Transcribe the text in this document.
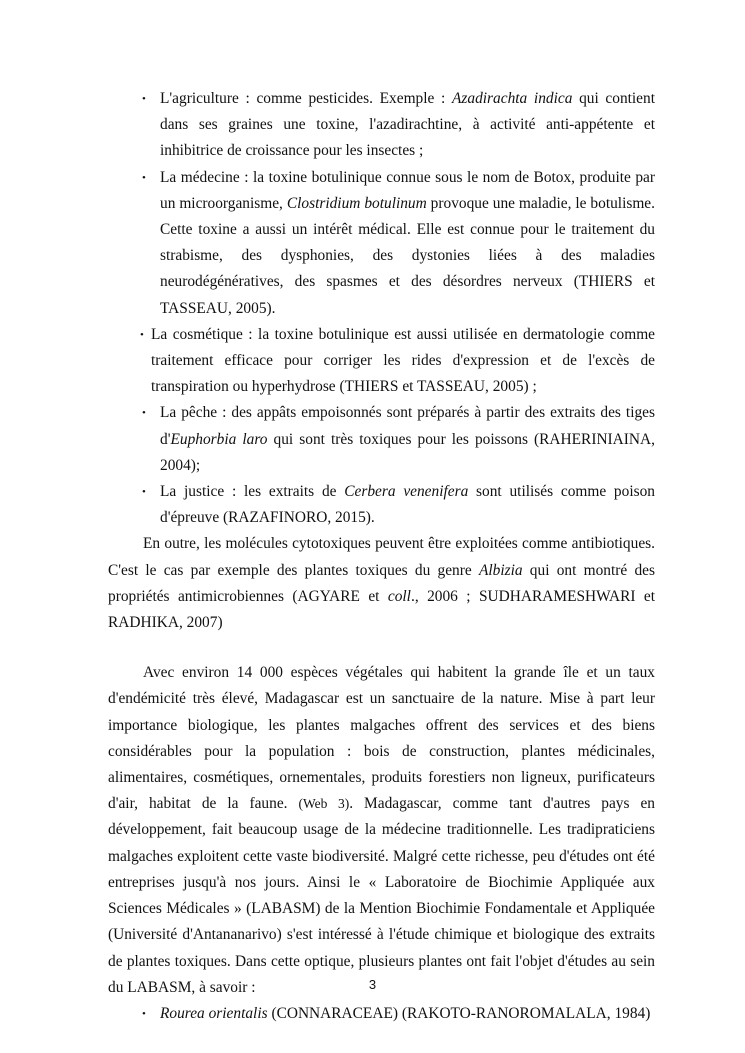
• L'agriculture : comme pesticides. Exemple : Azadirachta indica qui contient dans ses graines une toxine, l'azadirachtine, à activité anti-appétente et inhibitrice de croissance pour les insectes ;
• La médecine : la toxine botulinique connue sous le nom de Botox, produite par un microorganisme, Clostridium botulinum provoque une maladie, le botulisme. Cette toxine a aussi un intérêt médical. Elle est connue pour le traitement du strabisme, des dysphonies, des dystonies liées à des maladies neurodégénératives, des spasmes et des désordres nerveux (THIERS et TASSEAU, 2005).
• La cosmétique : la toxine botulinique est aussi utilisée en dermatologie comme traitement efficace pour corriger les rides d'expression et de l'excès de transpiration ou hyperhydrose (THIERS et TASSEAU, 2005) ;
• La pêche : des appâts empoisonnés sont préparés à partir des extraits des tiges d'Euphorbia laro qui sont très toxiques pour les poissons (RAHERINIAINA, 2004);
• La justice : les extraits de Cerbera venenifera sont utilisés comme poison d'épreuve (RAZAFINORO, 2015).

En outre, les molécules cytotoxiques peuvent être exploitées comme antibiotiques. C'est le cas par exemple des plantes toxiques du genre Albizia qui ont montré des propriétés antimicrobiennes (AGYARE et coll., 2006 ; SUDHARAMESHWARI et RADHIKA, 2007)

Avec environ 14 000 espèces végétales qui habitent la grande île et un taux d'endémicité très élevé, Madagascar est un sanctuaire de la nature. Mise à part leur importance biologique, les plantes malgaches offrent des services et des biens considérables pour la population : bois de construction, plantes médicinales, alimentaires, cosmétiques, ornementales, produits forestiers non ligneux, purificateurs d'air, habitat de la faune. (Web 3). Madagascar, comme tant d'autres pays en développement, fait beaucoup usage de la médecine traditionnelle. Les tradipraticiens malgaches exploitent cette vaste biodiversité. Malgré cette richesse, peu d'études ont été entreprises jusqu'à nos jours. Ainsi le « Laboratoire de Biochimie Appliquée aux Sciences Médicales » (LABASM) de la Mention Biochimie Fondamentale et Appliquée (Université d'Antananarivo) s'est intéressé à l'étude chimique et biologique des extraits de plantes toxiques. Dans cette optique, plusieurs plantes ont fait l'objet d'études au sein du LABASM, à savoir :

• Rourea orientalis (CONNARACEAE) (RAKOTO-RANOROMALALA, 1984)
3
